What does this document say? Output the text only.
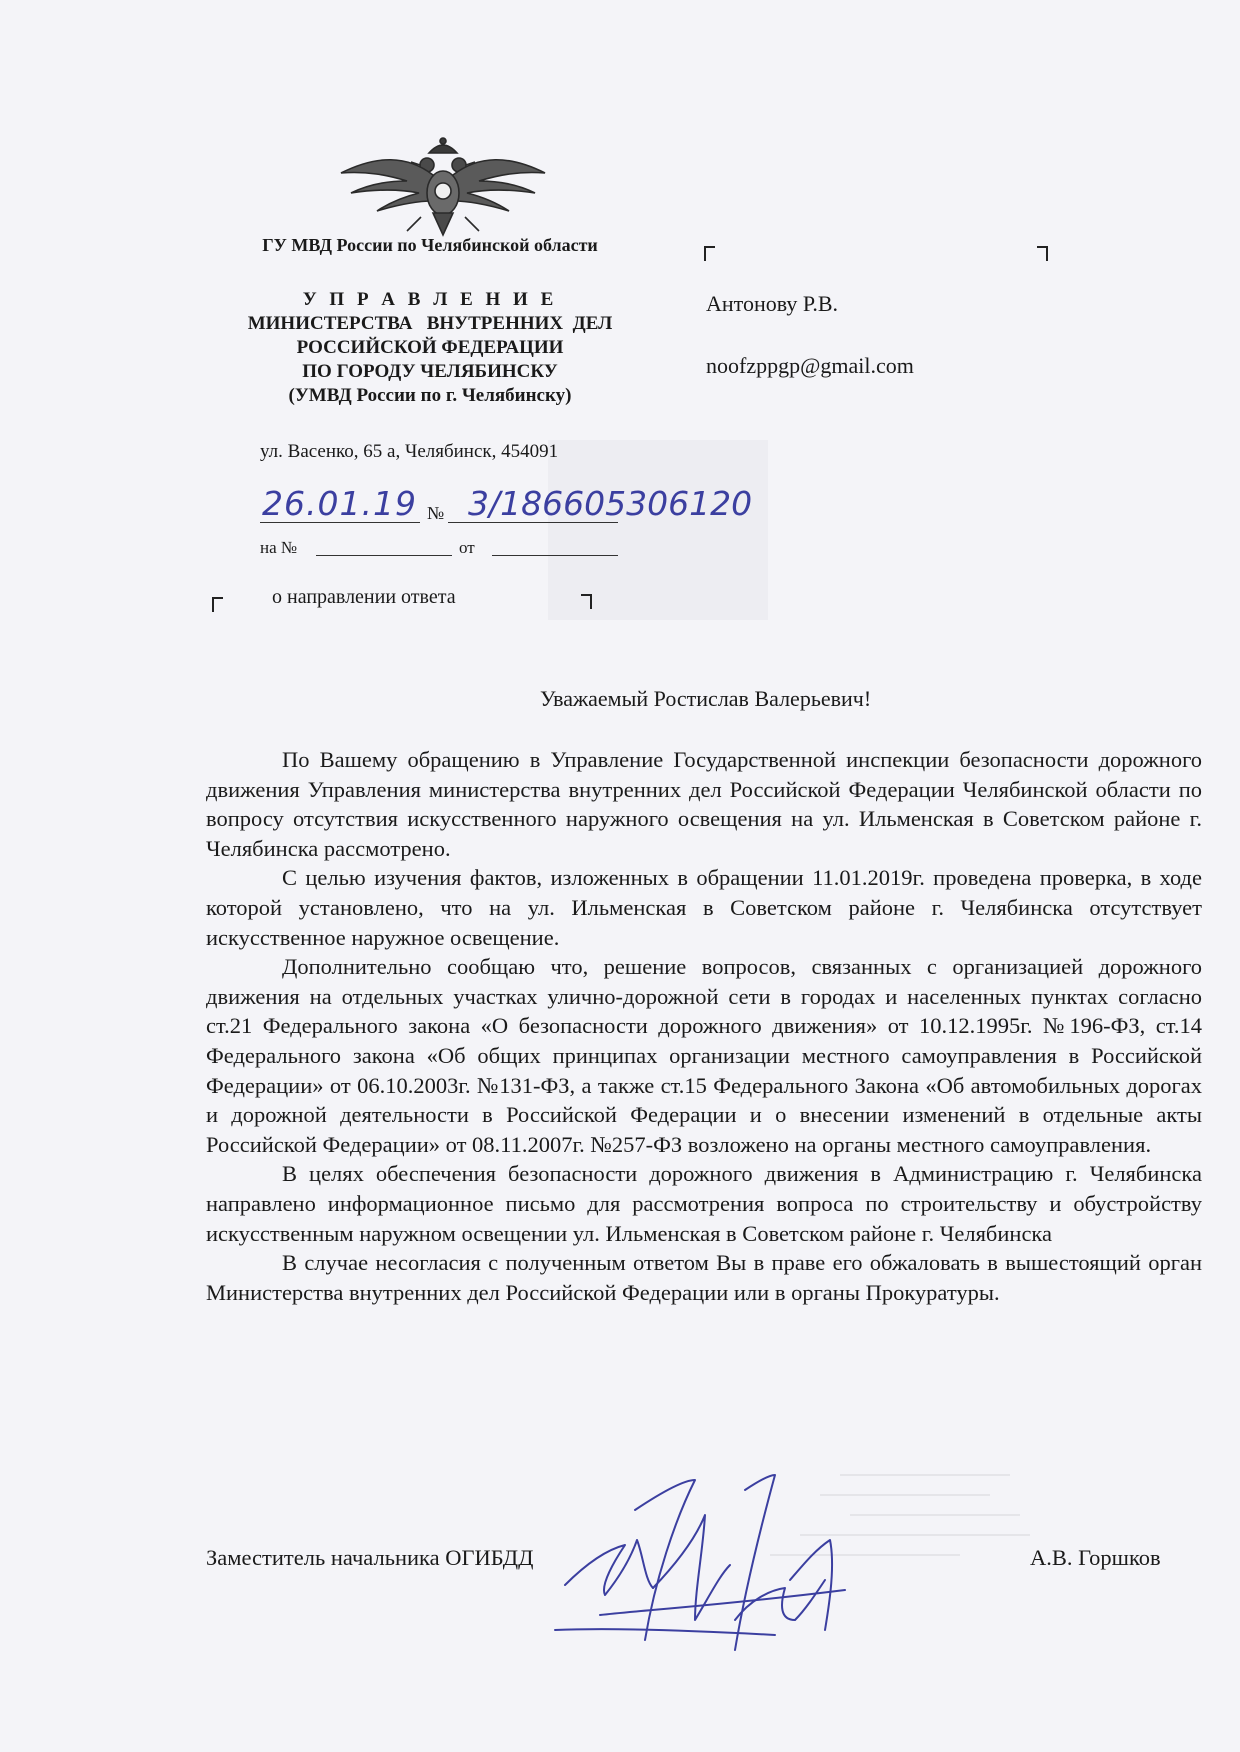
ГУ МВД России по Челябинской области
У П Р А В Л Е Н И Е
МИНИСТЕРСТВА   ВНУТРЕННИХ  ДЕЛ
РОССИЙСКОЙ ФЕДЕРАЦИИ
ПО ГОРОДУ ЧЕЛЯБИНСКУ
(УМВД России по г. Челябинску)
ул. Васенко, 65 а, Челябинск, 454091
26.01.19 № 3/186605306120
на №	от
о направлении ответа
Антонову Р.В.
noofzppgp@gmail.com
Уважаемый Ростислав Валерьевич!

По Вашему обращению в Управление Государственной инспекции безопасности дорожного движения Управления министерства внутренних дел Российской Федерации Челябинской области по вопросу отсутствия искусственного наружного освещения на ул. Ильменская в Советском районе г. Челябинска рассмотрено.

С целью изучения фактов, изложенных в обращении 11.01.2019г. проведена проверка, в ходе которой установлено, что на ул. Ильменская в Советском районе г. Челябинска отсутствует искусственное наружное освещение.

Дополнительно сообщаю что, решение вопросов, связанных с организацией дорожного движения на отдельных участках улично-дорожной сети в городах и населенных пунктах согласно ст.21 Федерального закона «О безопасности дорожного движения» от 10.12.1995г. №196-ФЗ, ст.14 Федерального закона «Об общих принципах организации местного самоуправления в Российской Федерации» от 06.10.2003г. №131-ФЗ, а также ст.15 Федерального Закона «Об автомобильных дорогах и дорожной деятельности в Российской Федерации и о внесении изменений в отдельные акты Российской Федерации» от 08.11.2007г. №257-ФЗ возложено на органы местного самоуправления.

В целях обеспечения безопасности дорожного движения в Администрацию г. Челябинска направлено информационное письмо для рассмотрения вопроса по строительству и обустройству искусственным наружном освещении ул. Ильменская в Советском районе г. Челябинска

В случае несогласия с полученным ответом Вы в праве его обжаловать в вышестоящий орган Министерства внутренних дел Российской Федерации или в органы Прокуратуры.

Заместитель начальника ОГИБДД	А.В. Горшков
